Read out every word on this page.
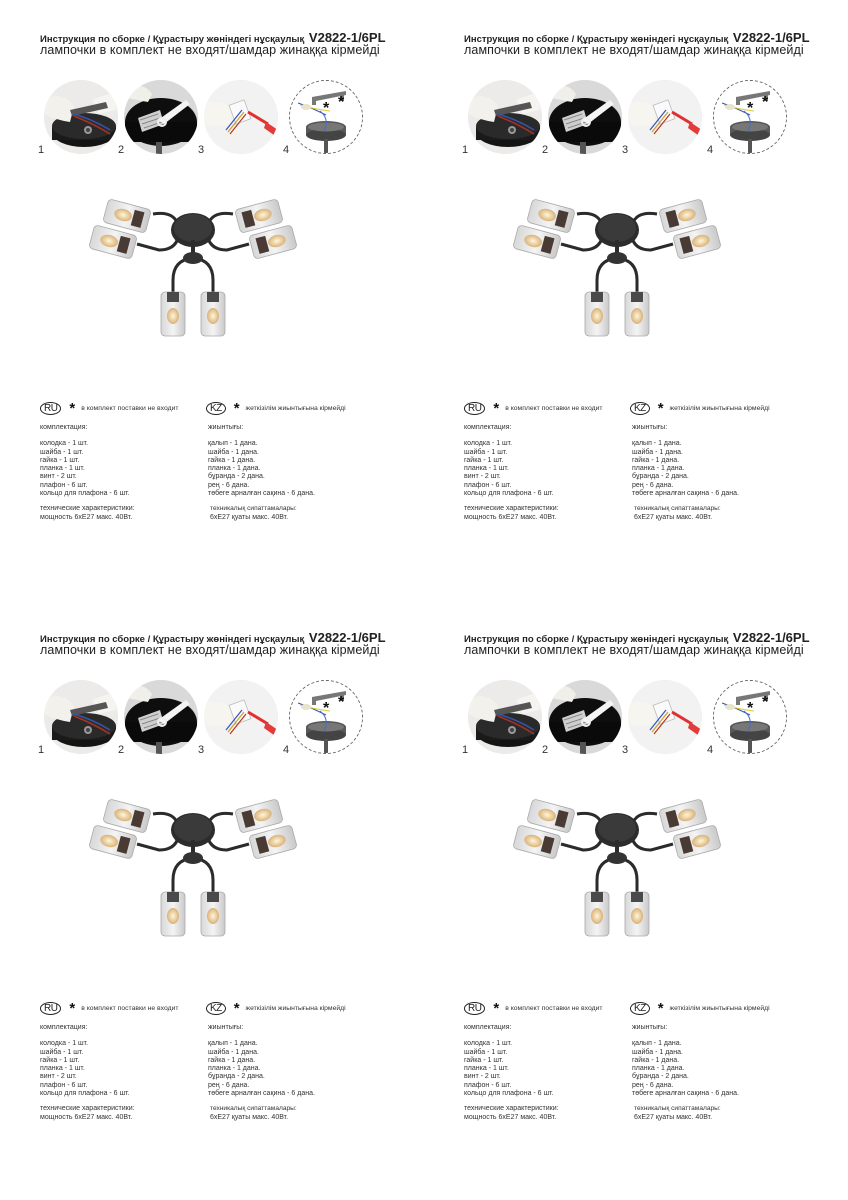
Инструкция по сборке / Құрастыру жөніндегі нұсқаулық V2822-1/6PL
лампочки в комплект не входят/шамдар жинаққа кірмейді
1	2	3
* *
4
RU * в комплект поставки не входит	KZ * жеткізілім жиынтығына кірмейді
комплектация:
колодка - 1 шт.
шайба - 1 шт.
гайка - 1 шт.
планка - 1 шт.
винт - 2 шт.
плафон - 6 шт.
кольцо для плафона - 6 шт.
технические характеристики:
мощность 6хЕ27 макс. 40Вт.
жиынтығы:
қалып - 1 дана.
шайба - 1 дана.
гайка - 1 дана.
планка - 1 дана.
бұранда - 2 дана.
рең - 6 дана.
төбеге арналған сақина - 6 дана.
техникалық сипаттамалары:
6хЕ27 қуаты макс. 40Вт.
Инструкция по сборке / Құрастыру жөніндегі нұсқаулық V2822-1/6PL
лампочки в комплект не входят/шамдар жинаққа кірмейді
1	2	3
* *
4
RU * в комплект поставки не входит	KZ * жеткізілім жиынтығына кірмейді
комплектация:
колодка - 1 шт.
шайба - 1 шт.
гайка - 1 шт.
планка - 1 шт.
винт - 2 шт.
плафон - 6 шт.
кольцо для плафона - 6 шт.
технические характеристики:
мощность 6хЕ27 макс. 40Вт.
жиынтығы:
қалып - 1 дана.
шайба - 1 дана.
гайка - 1 дана.
планка - 1 дана.
бұранда - 2 дана.
рең - 6 дана.
төбеге арналған сақина - 6 дана.
техникалық сипаттамалары:
6хЕ27 қуаты макс. 40Вт.
Инструкция по сборке / Құрастыру жөніндегі нұсқаулық V2822-1/6PL
лампочки в комплект не входят/шамдар жинаққа кірмейді
1	2	3
* *
4
RU * в комплект поставки не входит	KZ * жеткізілім жиынтығына кірмейді
комплектация:
колодка - 1 шт.
шайба - 1 шт.
гайка - 1 шт.
планка - 1 шт.
винт - 2 шт.
плафон - 6 шт.
кольцо для плафона - 6 шт.
технические характеристики:
мощность 6хЕ27 макс. 40Вт.
жиынтығы:
қалып - 1 дана.
шайба - 1 дана.
гайка - 1 дана.
планка - 1 дана.
бұранда - 2 дана.
рең - 6 дана.
төбеге арналған сақина - 6 дана.
техникалық сипаттамалары:
6хЕ27 қуаты макс. 40Вт.
Инструкция по сборке / Құрастыру жөніндегі нұсқаулық V2822-1/6PL
лампочки в комплект не входят/шамдар жинаққа кірмейді
1	2	3
* *
4
RU * в комплект поставки не входит	KZ * жеткізілім жиынтығына кірмейді
комплектация:
колодка - 1 шт.
шайба - 1 шт.
гайка - 1 шт.
планка - 1 шт.
винт - 2 шт.
плафон - 6 шт.
кольцо для плафона - 6 шт.
технические характеристики:
мощность 6хЕ27 макс. 40Вт.
жиынтығы:
қалып - 1 дана.
шайба - 1 дана.
гайка - 1 дана.
планка - 1 дана.
бұранда - 2 дана.
рең - 6 дана.
төбеге арналған сақина - 6 дана.
техникалық сипаттамалары:
6хЕ27 қуаты макс. 40Вт.
